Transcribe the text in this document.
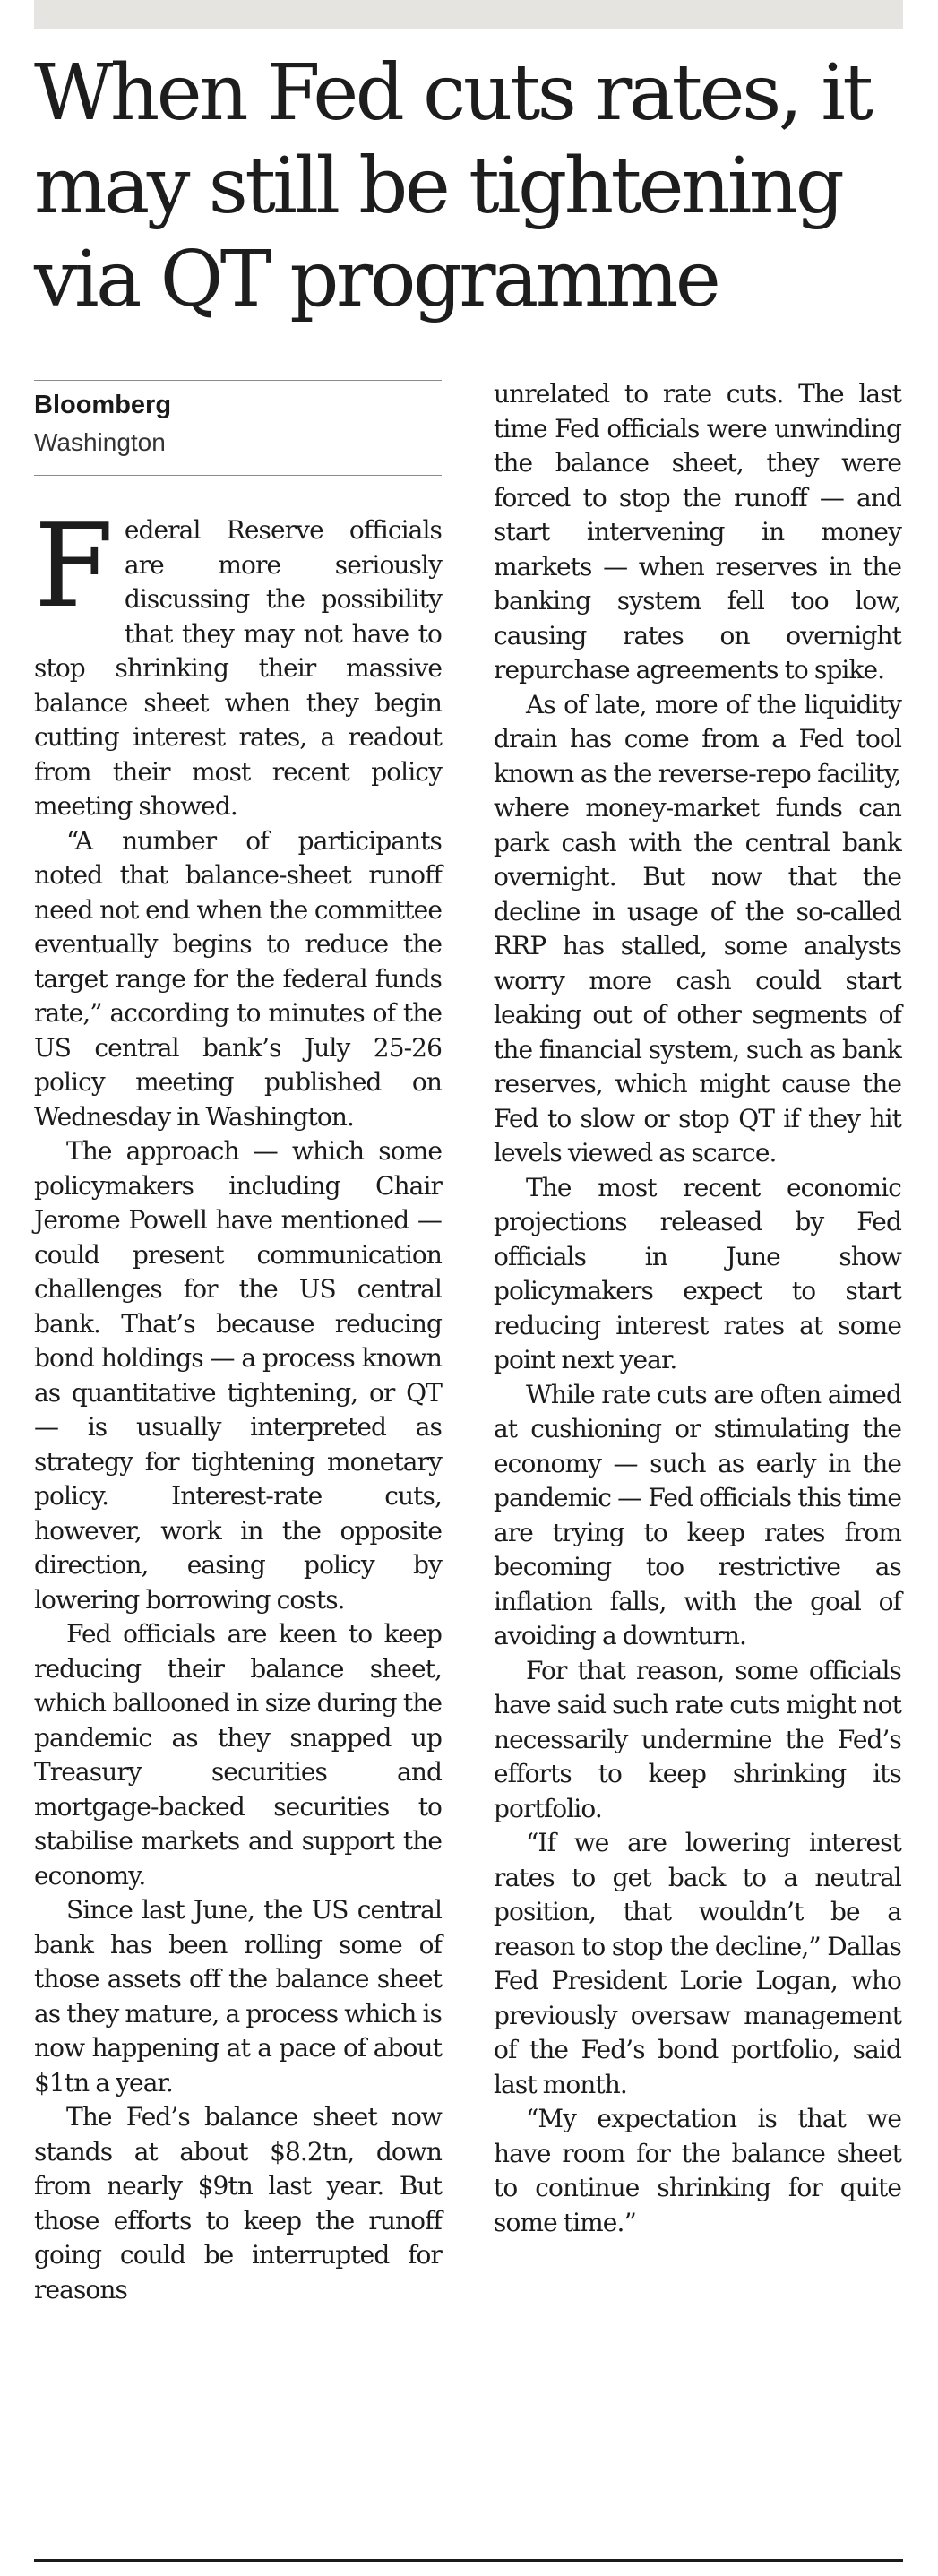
When Fed cuts rates, it
may still be tightening
via QT programme
Bloomberg
Washington

Federal Reserve officials are more seriously discussing the possibility that they may not have to stop shrinking their massive balance sheet when they begin cutting interest rates, a readout from their most recent policy meeting showed.

“A number of participants noted that balance-sheet runoff need not end when the committee eventually begins to reduce the target range for the federal funds rate,” according to minutes of the US central bank’s July 25-26 policy meeting published on Wednesday in Washington.

The approach — which some policymakers including Chair Jerome Powell have mentioned — could present communication challenges for the US central bank. That’s because reducing bond holdings — a process known as quantitative tightening, or QT — is usually interpreted as strategy for tightening monetary policy. Interest-rate cuts, however, work in the opposite direction, easing policy by lowering borrowing costs.

Fed officials are keen to keep reducing their balance sheet, which ballooned in size during the pandemic as they snapped up Treasury securities and mortgage-backed securities to stabilise markets and support the economy.

Since last June, the US central bank has been rolling some of those assets off the balance sheet as they mature, a process which is now happening at a pace of about $1tn a year.

The Fed’s balance sheet now stands at about $8.2tn, down from nearly $9tn last year. But those efforts to keep the runoff going could be interrupted for reasons

unrelated to rate cuts. The last time Fed officials were unwinding the balance sheet, they were forced to stop the runoff — and start intervening in money markets — when reserves in the banking system fell too low, causing rates on overnight repurchase agreements to spike.

As of late, more of the liquidity drain has come from a Fed tool known as the reverse-repo facility, where money-market funds can park cash with the central bank overnight. But now that the decline in usage of the so-called RRP has stalled, some analysts worry more cash could start leaking out of other segments of the financial system, such as bank reserves, which might cause the Fed to slow or stop QT if they hit levels viewed as scarce.

The most recent economic projections released by Fed officials in June show policymakers expect to start reducing interest rates at some point next year.

While rate cuts are often aimed at cushioning or stimulating the economy — such as early in the pandemic — Fed officials this time are trying to keep rates from becoming too restrictive as inflation falls, with the goal of avoiding a downturn.

For that reason, some officials have said such rate cuts might not necessarily undermine the Fed’s efforts to keep shrinking its portfolio.

“If we are lowering interest rates to get back to a neutral position, that wouldn’t be a reason to stop the decline,” Dallas Fed President Lorie Logan, who previously oversaw management of the Fed’s bond portfolio, said last month.

“My expectation is that we have room for the balance sheet to continue shrinking for quite some time.”
